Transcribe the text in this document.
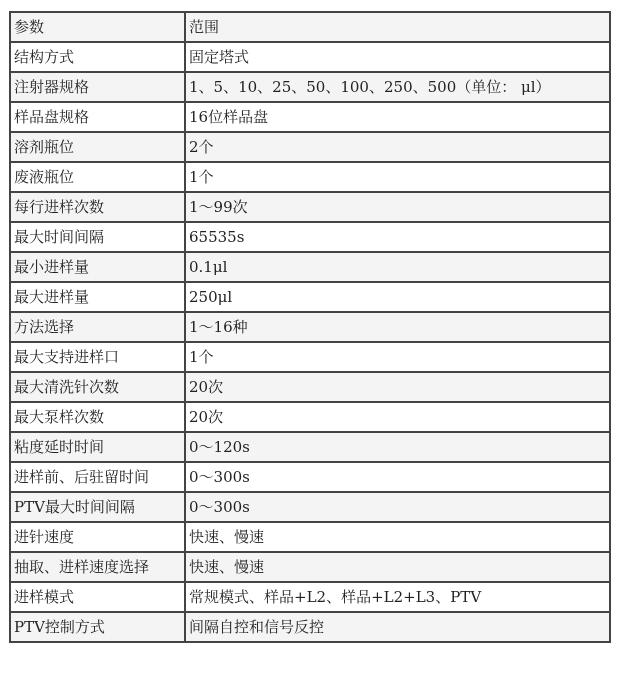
参数	范围
结构方式	固定塔式
注射器规格	1、5、10、25、50、100、250、500（单位： μl）
样品盘规格	16位样品盘
溶剂瓶位	2个
废液瓶位	1个
每行进样次数	1～99次
最大时间间隔	65535s
最小进样量	0.1μl
最大进样量	250μl
方法选择	1～16种
最大支持进样口	1个
最大清洗针次数	20次
最大泵样次数	20次
粘度延时时间	0～120s
进样前、后驻留时间	0～300s
PTV最大时间间隔	0～300s
进针速度	快速、慢速
抽取、进样速度选择	快速、慢速
进样模式	常规模式、样品+L2、样品+L2+L3、PTV
PTV控制方式	间隔自控和信号反控
